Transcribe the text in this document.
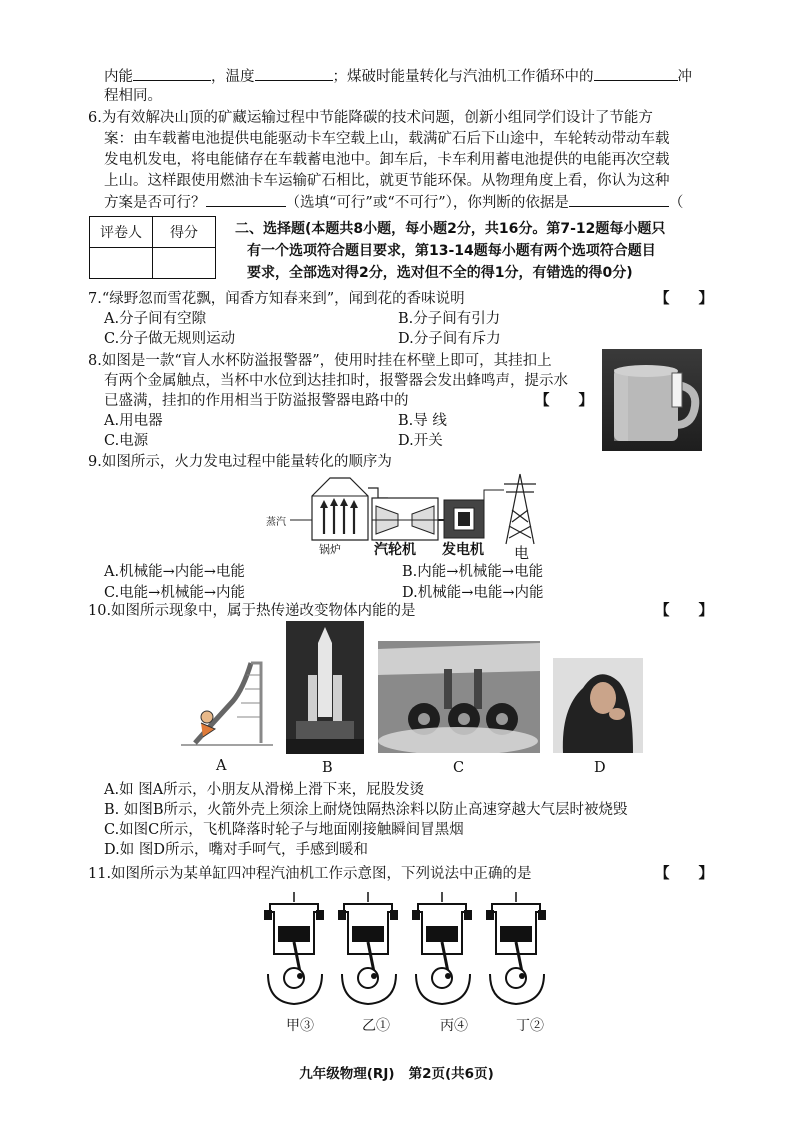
内能	，温度	；煤破时能量转化与汽油机工作循环中的	冲
程相同。
6.为有效解决山顶的矿藏运输过程中节能降碳的技术问题，创新小组同学们设计了节能方
案：由车载蓄电池提供电能驱动卡车空载上山，载满矿石后下山途中，车轮转动带动车载
发电机发电，将电能储存在车载蓄电池中。卸车后，卡车利用蓄电池提供的电能再次空载
上山。这样跟使用燃油卡车运输矿石相比，就更节能环保。从物理角度上看，你认为这种
方案是否可行？	（选填“可行”或“不可行”），你判断的依据是	（
评卷人	得分
		二、选择题(本题共8小题，每小题2分，共16分。第7-12题每小题只
有一个选项符合题目要求，第13-14题每小题有两个选项符合题目
要求，全部选对得2分，选对但不全的得1分，有错选的得0分)
7.“绿野忽而雪花飘，闻香方知春来到”，闻到花的香味说明	【　　】
A.分子间有空隙	B.分子间有引力
C.分子做无规则运动	D.分子间有斥力
8.如图是一款“盲人水杯防溢报警器”，使用时挂在杯壁上即可，其挂扣上
有两个金属触点，当杯中水位到达挂扣时，报警器会发出蜂鸣声，提示水
已盛满，挂扣的作用相当于防溢报警器电路中的	【　　】
A.用电器	B.导 线
C.电源	D.开关
9.如图所示，火力发电过程中能量转化的顺序为
蒸汽
锅炉 汽轮机 发电机 电
A.机械能→内能→电能	B.内能→机械能→电能
C.电能→机械能→内能	D.机械能→电能→内能
10.如图所示现象中，属于热传递改变物体内能的是	【　　】
A	B	C	D
A.如 图A所示，小朋友从滑梯上滑下来，屁股发烫
B. 如图B所示，火箭外壳上须涂上耐烧蚀隔热涂料以防止高速穿越大气层时被烧毁
C.如图C所示，飞机降落时轮子与地面刚接触瞬间冒黑烟
D.如 图D所示，嘴对手呵气，手感到暖和
11.如图所示为某单缸四冲程汽油机工作示意图，下列说法中正确的是	【　　】
甲③	乙①	丙④	丁②
九年级物理(RJ)   第2页(共6页)
